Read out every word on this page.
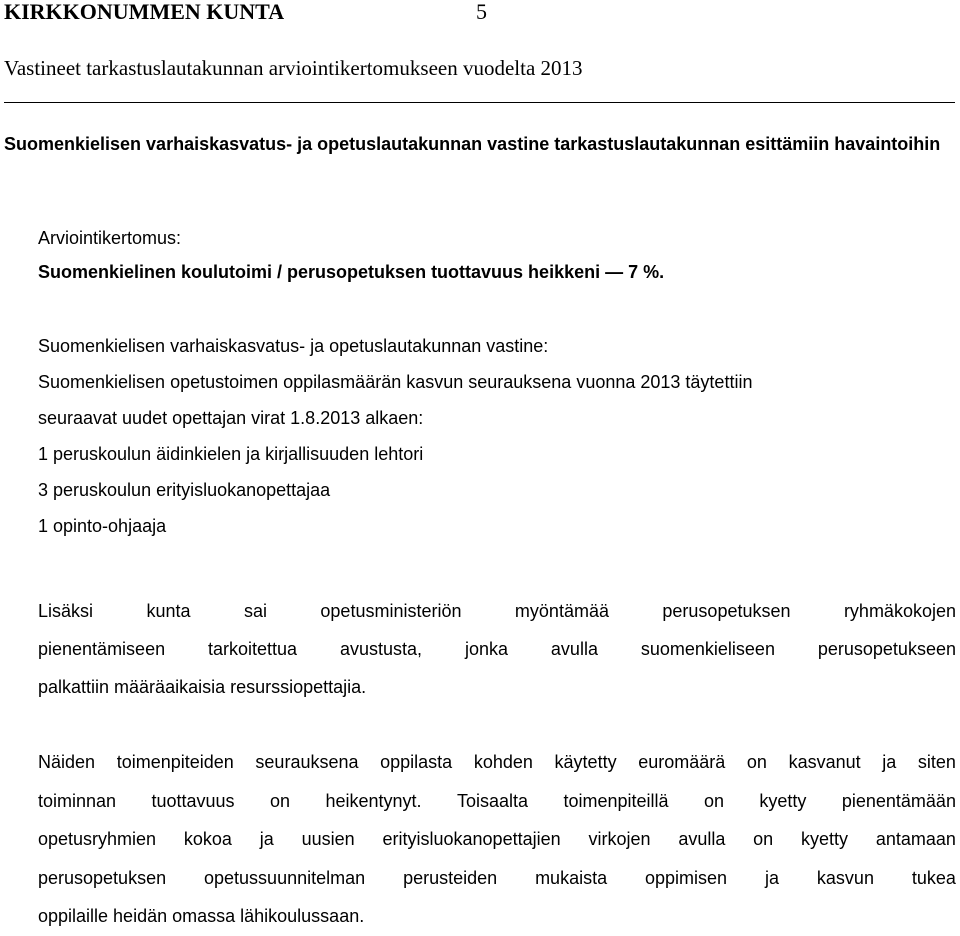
KIRKKONUMMEN KUNTA	5
Vastineet tarkastuslautakunnan arviointikertomukseen vuodelta 2013
Suomenkielisen varhaiskasvatus- ja opetuslautakunnan vastine tarkastuslautakunnan esittämiin havaintoihin
Arviointikertomus:
Suomenkielinen koulutoimi / perusopetuksen tuottavuus heikkeni — 7 %.
Suomenkielisen varhaiskasvatus- ja opetuslautakunnan vastine:
Suomenkielisen opetustoimen oppilasmäärän kasvun seurauksena vuonna 2013 täytettiin
seuraavat uudet opettajan virat 1.8.2013 alkaen:
1 peruskoulun äidinkielen ja kirjallisuuden lehtori
3 peruskoulun erityisluokanopettajaa
1 opinto-ohjaaja
Lisäksi	kunta	sai	opetusministeriön	myöntämää	perusopetuksen	ryhmäkokojen
pienentämiseen tarkoitettua avustusta, jonka avulla suomenkieliseen perusopetukseen
palkattiin määräaikaisia resurssiopettajia.
Näiden toimenpiteiden seurauksena oppilasta kohden käytetty euromäärä on kasvanut ja siten
toiminnan tuottavuus on heikentynyt. Toisaalta toimenpiteillä on kyetty pienentämään
opetusryhmien kokoa ja uusien erityisluokanopettajien virkojen avulla on kyetty antamaan
perusopetuksen opetussuunnitelman perusteiden mukaista oppimisen ja kasvun tukea
oppilaille heidän omassa lähikoulussaan.
